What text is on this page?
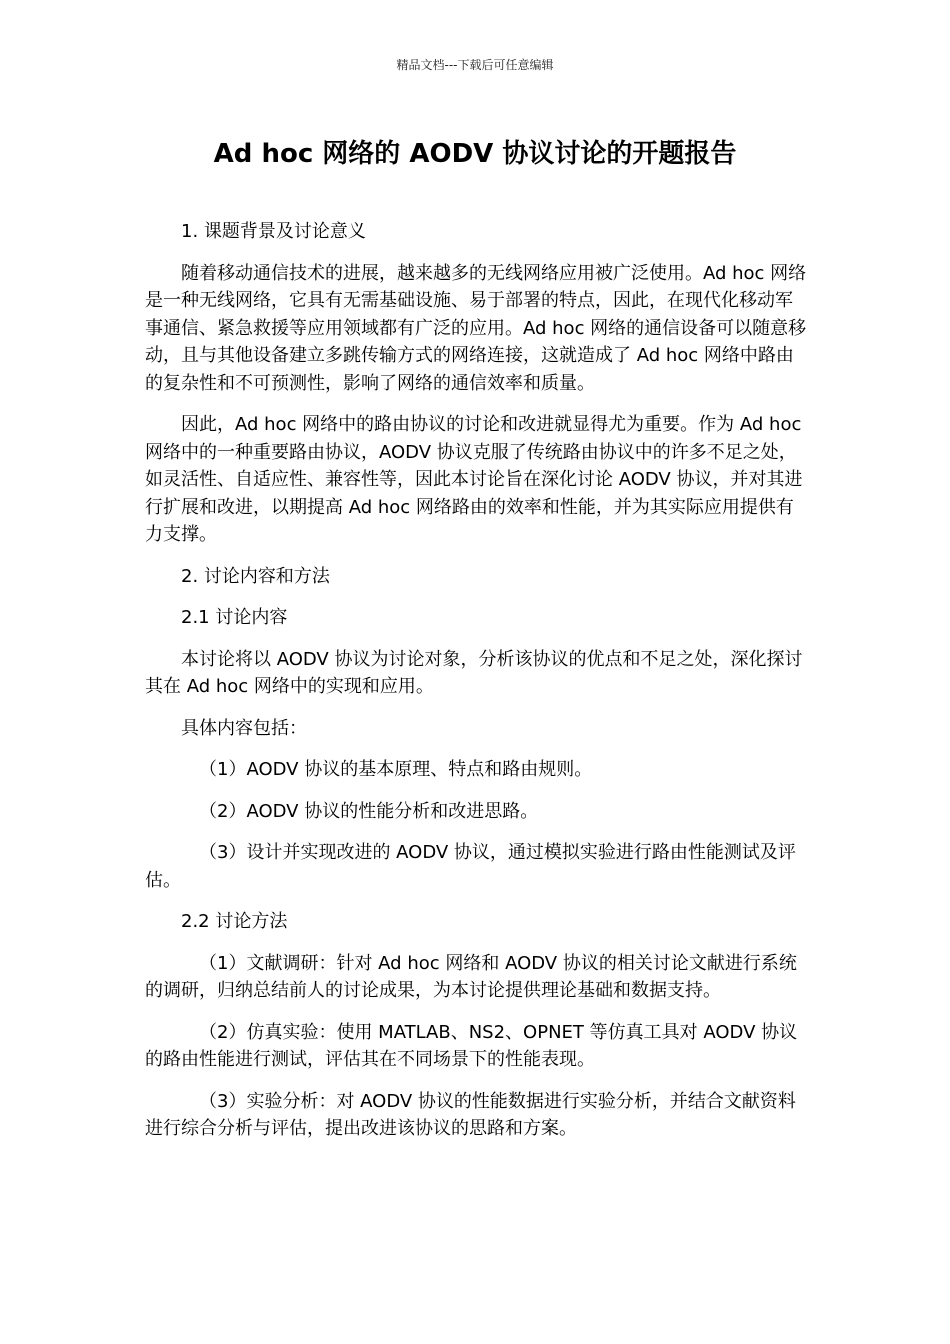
精品文档---下载后可任意编辑
Ad hoc 网络的 AODV 协议讨论的开题报告

1. 课题背景及讨论意义

随着移动通信技术的进展，越来越多的无线网络应用被广泛使用。Ad hoc 网络是一种无线网络，它具有无需基础设施、易于部署的特点，因此，在现代化移动军事通信、紧急救援等应用领域都有广泛的应用。Ad hoc 网络的通信设备可以随意移动，且与其他设备建立多跳传输方式的网络连接，这就造成了 Ad hoc 网络中路由的复杂性和不可预测性，影响了网络的通信效率和质量。

因此，Ad hoc 网络中的路由协议的讨论和改进就显得尤为重要。作为 Ad hoc 网络中的一种重要路由协议，AODV 协议克服了传统路由协议中的许多不足之处，如灵活性、自适应性、兼容性等，因此本讨论旨在深化讨论 AODV 协议，并对其进行扩展和改进，以期提高 Ad hoc 网络路由的效率和性能，并为其实际应用提供有力支撑。

2. 讨论内容和方法

2.1 讨论内容

本讨论将以 AODV 协议为讨论对象，分析该协议的优点和不足之处，深化探讨其在 Ad hoc 网络中的实现和应用。

具体内容包括：

（1）AODV 协议的基本原理、特点和路由规则。

（2）AODV 协议的性能分析和改进思路。

（3）设计并实现改进的 AODV 协议，通过模拟实验进行路由性能测试及评估。

2.2 讨论方法

（1）文献调研：针对 Ad hoc 网络和 AODV 协议的相关讨论文献进行系统的调研，归纳总结前人的讨论成果，为本讨论提供理论基础和数据支持。

（2）仿真实验：使用 MATLAB、NS2、OPNET 等仿真工具对 AODV 协议的路由性能进行测试，评估其在不同场景下的性能表现。

（3）实验分析：对 AODV 协议的性能数据进行实验分析，并结合文献资料进行综合分析与评估，提出改进该协议的思路和方案。
